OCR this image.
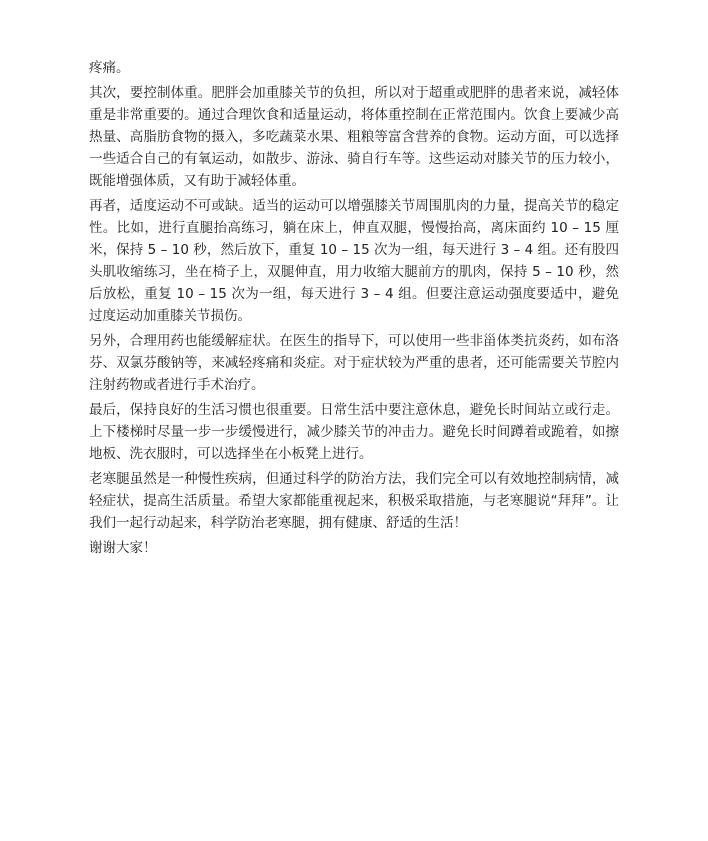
疼痛。

其次，要控制体重。肥胖会加重膝关节的负担，所以对于超重或肥胖的患者来说，减轻体重是非常重要的。通过合理饮食和适量运动，将体重控制在正常范围内。饮食上要减少高热量、高脂肪食物的摄入，多吃蔬菜水果、粗粮等富含营养的食物。运动方面，可以选择一些适合自己的有氧运动，如散步、游泳、骑自行车等。这些运动对膝关节的压力较小，既能增强体质，又有助于减轻体重。

再者，适度运动不可或缺。适当的运动可以增强膝关节周围肌肉的力量，提高关节的稳定性。比如，进行直腿抬高练习，躺在床上，伸直双腿，慢慢抬高，离床面约 10 – 15 厘米，保持 5 – 10 秒，然后放下，重复 10 – 15 次为一组，每天进行 3 – 4 组。还有股四头肌收缩练习，坐在椅子上，双腿伸直，用力收缩大腿前方的肌肉，保持 5 – 10 秒，然后放松，重复 10 – 15 次为一组，每天进行 3 – 4 组。但要注意运动强度要适中，避免过度运动加重膝关节损伤。

另外，合理用药也能缓解症状。在医生的指导下，可以使用一些非甾体类抗炎药，如布洛芬、双氯芬酸钠等，来减轻疼痛和炎症。对于症状较为严重的患者，还可能需要关节腔内注射药物或者进行手术治疗。

最后，保持良好的生活习惯也很重要。日常生活中要注意休息，避免长时间站立或行走。上下楼梯时尽量一步一步缓慢进行，减少膝关节的冲击力。避免长时间蹲着或跪着，如擦地板、洗衣服时，可以选择坐在小板凳上进行。

老寒腿虽然是一种慢性疾病，但通过科学的防治方法，我们完全可以有效地控制病情，减轻症状，提高生活质量。希望大家都能重视起来，积极采取措施，与老寒腿说“拜拜”。让我们一起行动起来，科学防治老寒腿，拥有健康、舒适的生活！

谢谢大家！
